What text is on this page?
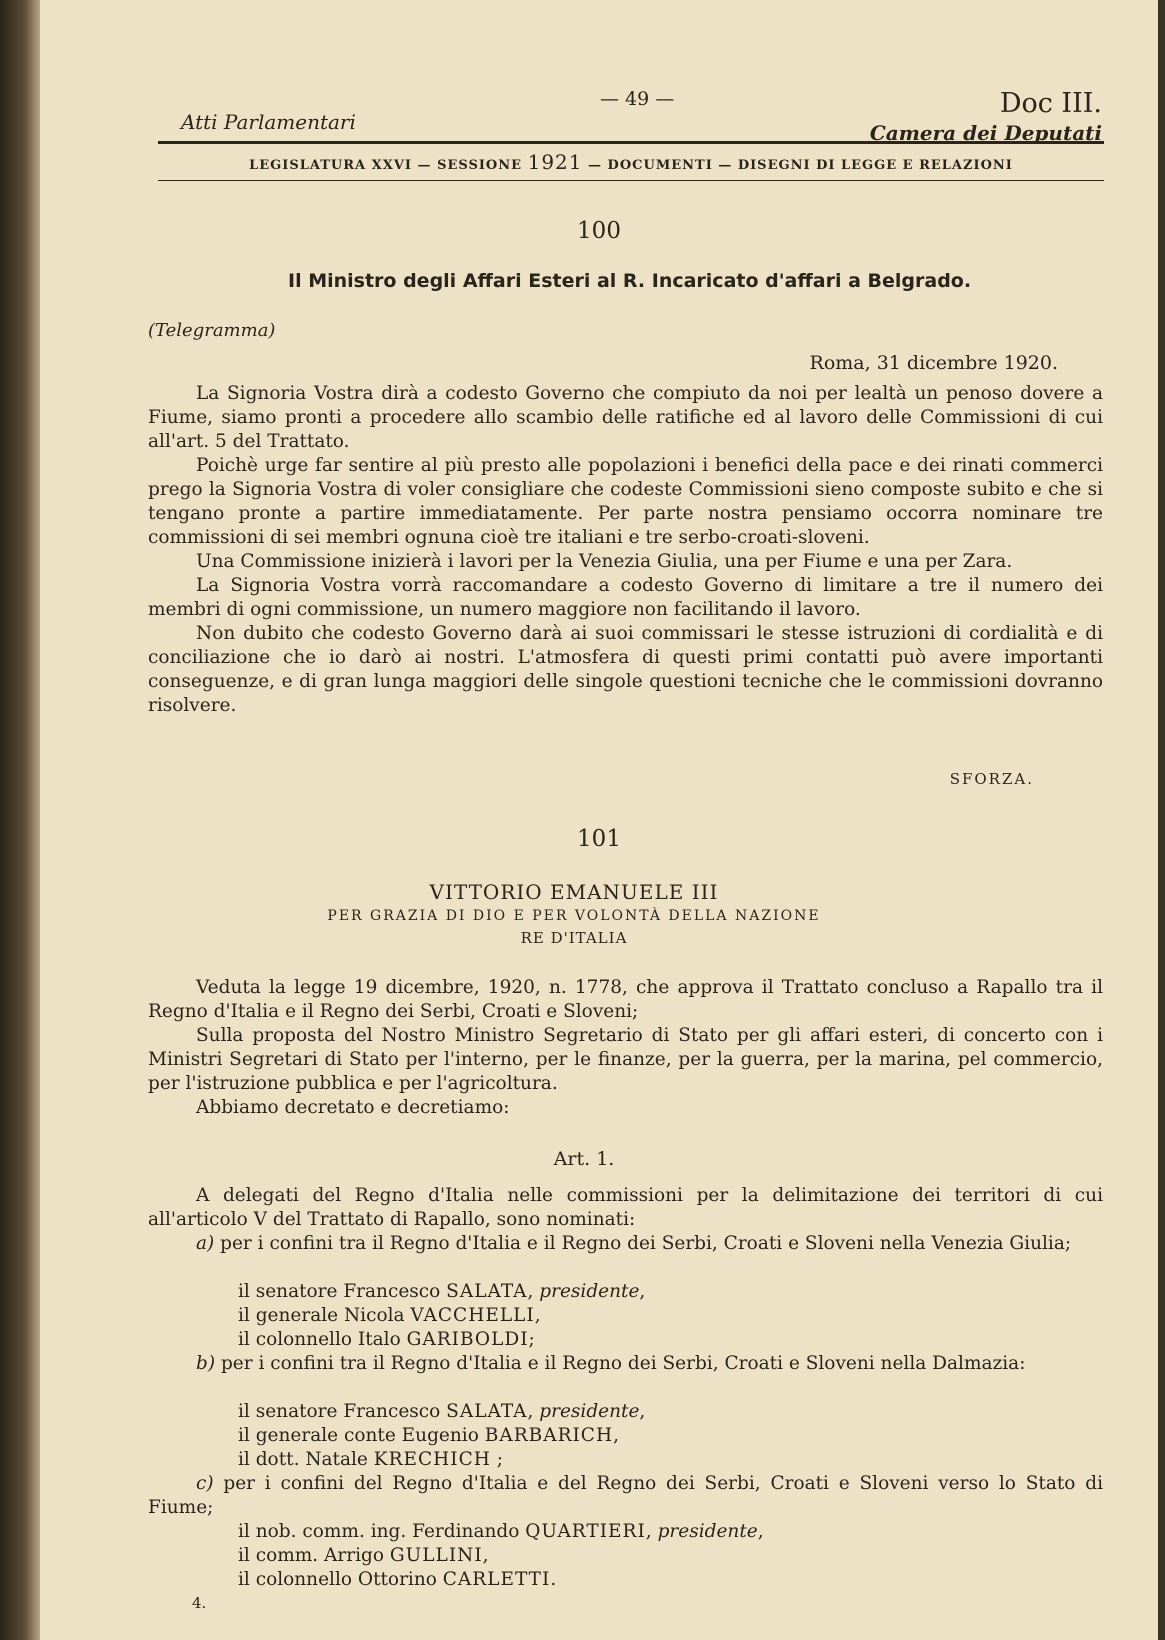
Atti Parlamentari
— 49 —	Doc III.
Camera dei Deputati
LEGISLATURA XXVI — SESSIONE 1921 — DOCUMENTI — DISEGNI DI LEGGE E RELAZIONI
100
Il Ministro degli Affari Esteri al R. Incaricato d'affari a Belgrado.
(Telegramma)
Roma, 31 dicembre 1920.

La Signoria Vostra dirà a codesto Governo che compiuto da noi per lealtà un penoso dovere a Fiume, siamo pronti a procedere allo scambio delle ratifiche ed al lavoro delle Commissioni di cui all'art. 5 del Trattato.

Poichè urge far sentire al più presto alle popolazioni i benefici della pace e dei rinati commerci prego la Signoria Vostra di voler consigliare che codeste Commissioni sieno composte subito e che si tengano pronte a partire immediatamente. Per parte nostra pensiamo occorra nominare tre commissioni di sei membri ognuna cioè tre italiani e tre serbo-croati-sloveni.

Una Commissione inizierà i lavori per la Venezia Giulia, una per Fiume e una per Zara.

La Signoria Vostra vorrà raccomandare a codesto Governo di limitare a tre il numero dei membri di ogni commissione, un numero maggiore non facilitando il lavoro.

Non dubito che codesto Governo darà ai suoi commissari le stesse istruzioni di cordialità e di conciliazione che io darò ai nostri. L'atmosfera di questi primi contatti può avere importanti conseguenze, e di gran lunga maggiori delle singole questioni tecniche che le commissioni dovranno risolvere.

SFORZA.
101
VITTORIO EMANUELE III
PER GRAZIA DI DIO E PER VOLONTÀ DELLA NAZIONE
RE D'ITALIA

Veduta la legge 19 dicembre, 1920, n. 1778, che approva il Trattato concluso a Rapallo tra il Regno d'Italia e il Regno dei Serbi, Croati e Sloveni;

Sulla proposta del Nostro Ministro Segretario di Stato per gli affari esteri, di concerto con i Ministri Segretari di Stato per l'interno, per le finanze, per la guerra, per la marina, pel commercio, per l'istruzione pubblica e per l'agricoltura.

Abbiamo decretato e decretiamo:

Art. 1.

A delegati del Regno d'Italia nelle commissioni per la delimitazione dei territori di cui all'articolo V del Trattato di Rapallo, sono nominati:

a) per i confini tra il Regno d'Italia e il Regno dei Serbi, Croati e Sloveni nella Venezia Giulia;

il senatore Francesco SALATA, presidente,
il generale Nicola VACCHELLI,
il colonnello Italo GARIBOLDI;

b) per i confini tra il Regno d'Italia e il Regno dei Serbi, Croati e Sloveni nella Dalmazia:

il senatore Francesco SALATA, presidente,
il generale conte Eugenio BARBARICH,
il dott. Natale KRECHICH ;

c) per i confini del Regno d'Italia e del Regno dei Serbi, Croati e Sloveni verso lo Stato di Fiume;

il nob. comm. ing. Ferdinando QUARTIERI, presidente,
il comm. Arrigo GULLINI,
il colonnello Ottorino CARLETTI.
4.
